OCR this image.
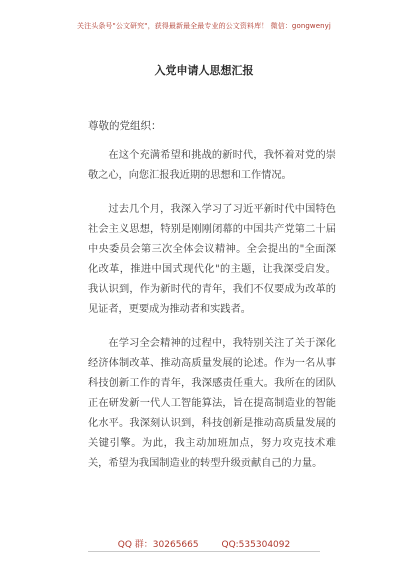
关注头条号"公文研究"，获得最新最全最专业的公文资料库！ 微信：gongwenyj
入党申请人思想汇报
尊敬的党组织：

在这个充满希望和挑战的新时代，我怀着对党的崇敬之心，向您汇报我近期的思想和工作情况。

过去几个月，我深入学习了习近平新时代中国特色社会主义思想，特别是刚刚闭幕的中国共产党第二十届中央委员会第三次全体会议精神。全会提出的"全面深化改革，推进中国式现代化"的主题，让我深受启发。我认识到，作为新时代的青年，我们不仅要成为改革的见证者，更要成为推动者和实践者。

在学习全会精神的过程中，我特别关注了关于深化经济体制改革、推动高质量发展的论述。作为一名从事科技创新工作的青年，我深感责任重大。我所在的团队正在研发新一代人工智能算法，旨在提高制造业的智能化水平。我深刻认识到，科技创新是推动高质量发展的关键引擎。为此，我主动加班加点，努力攻克技术难关，希望为我国制造业的转型升级贡献自己的力量。

QQ 群：30265665	QQ:535304092
